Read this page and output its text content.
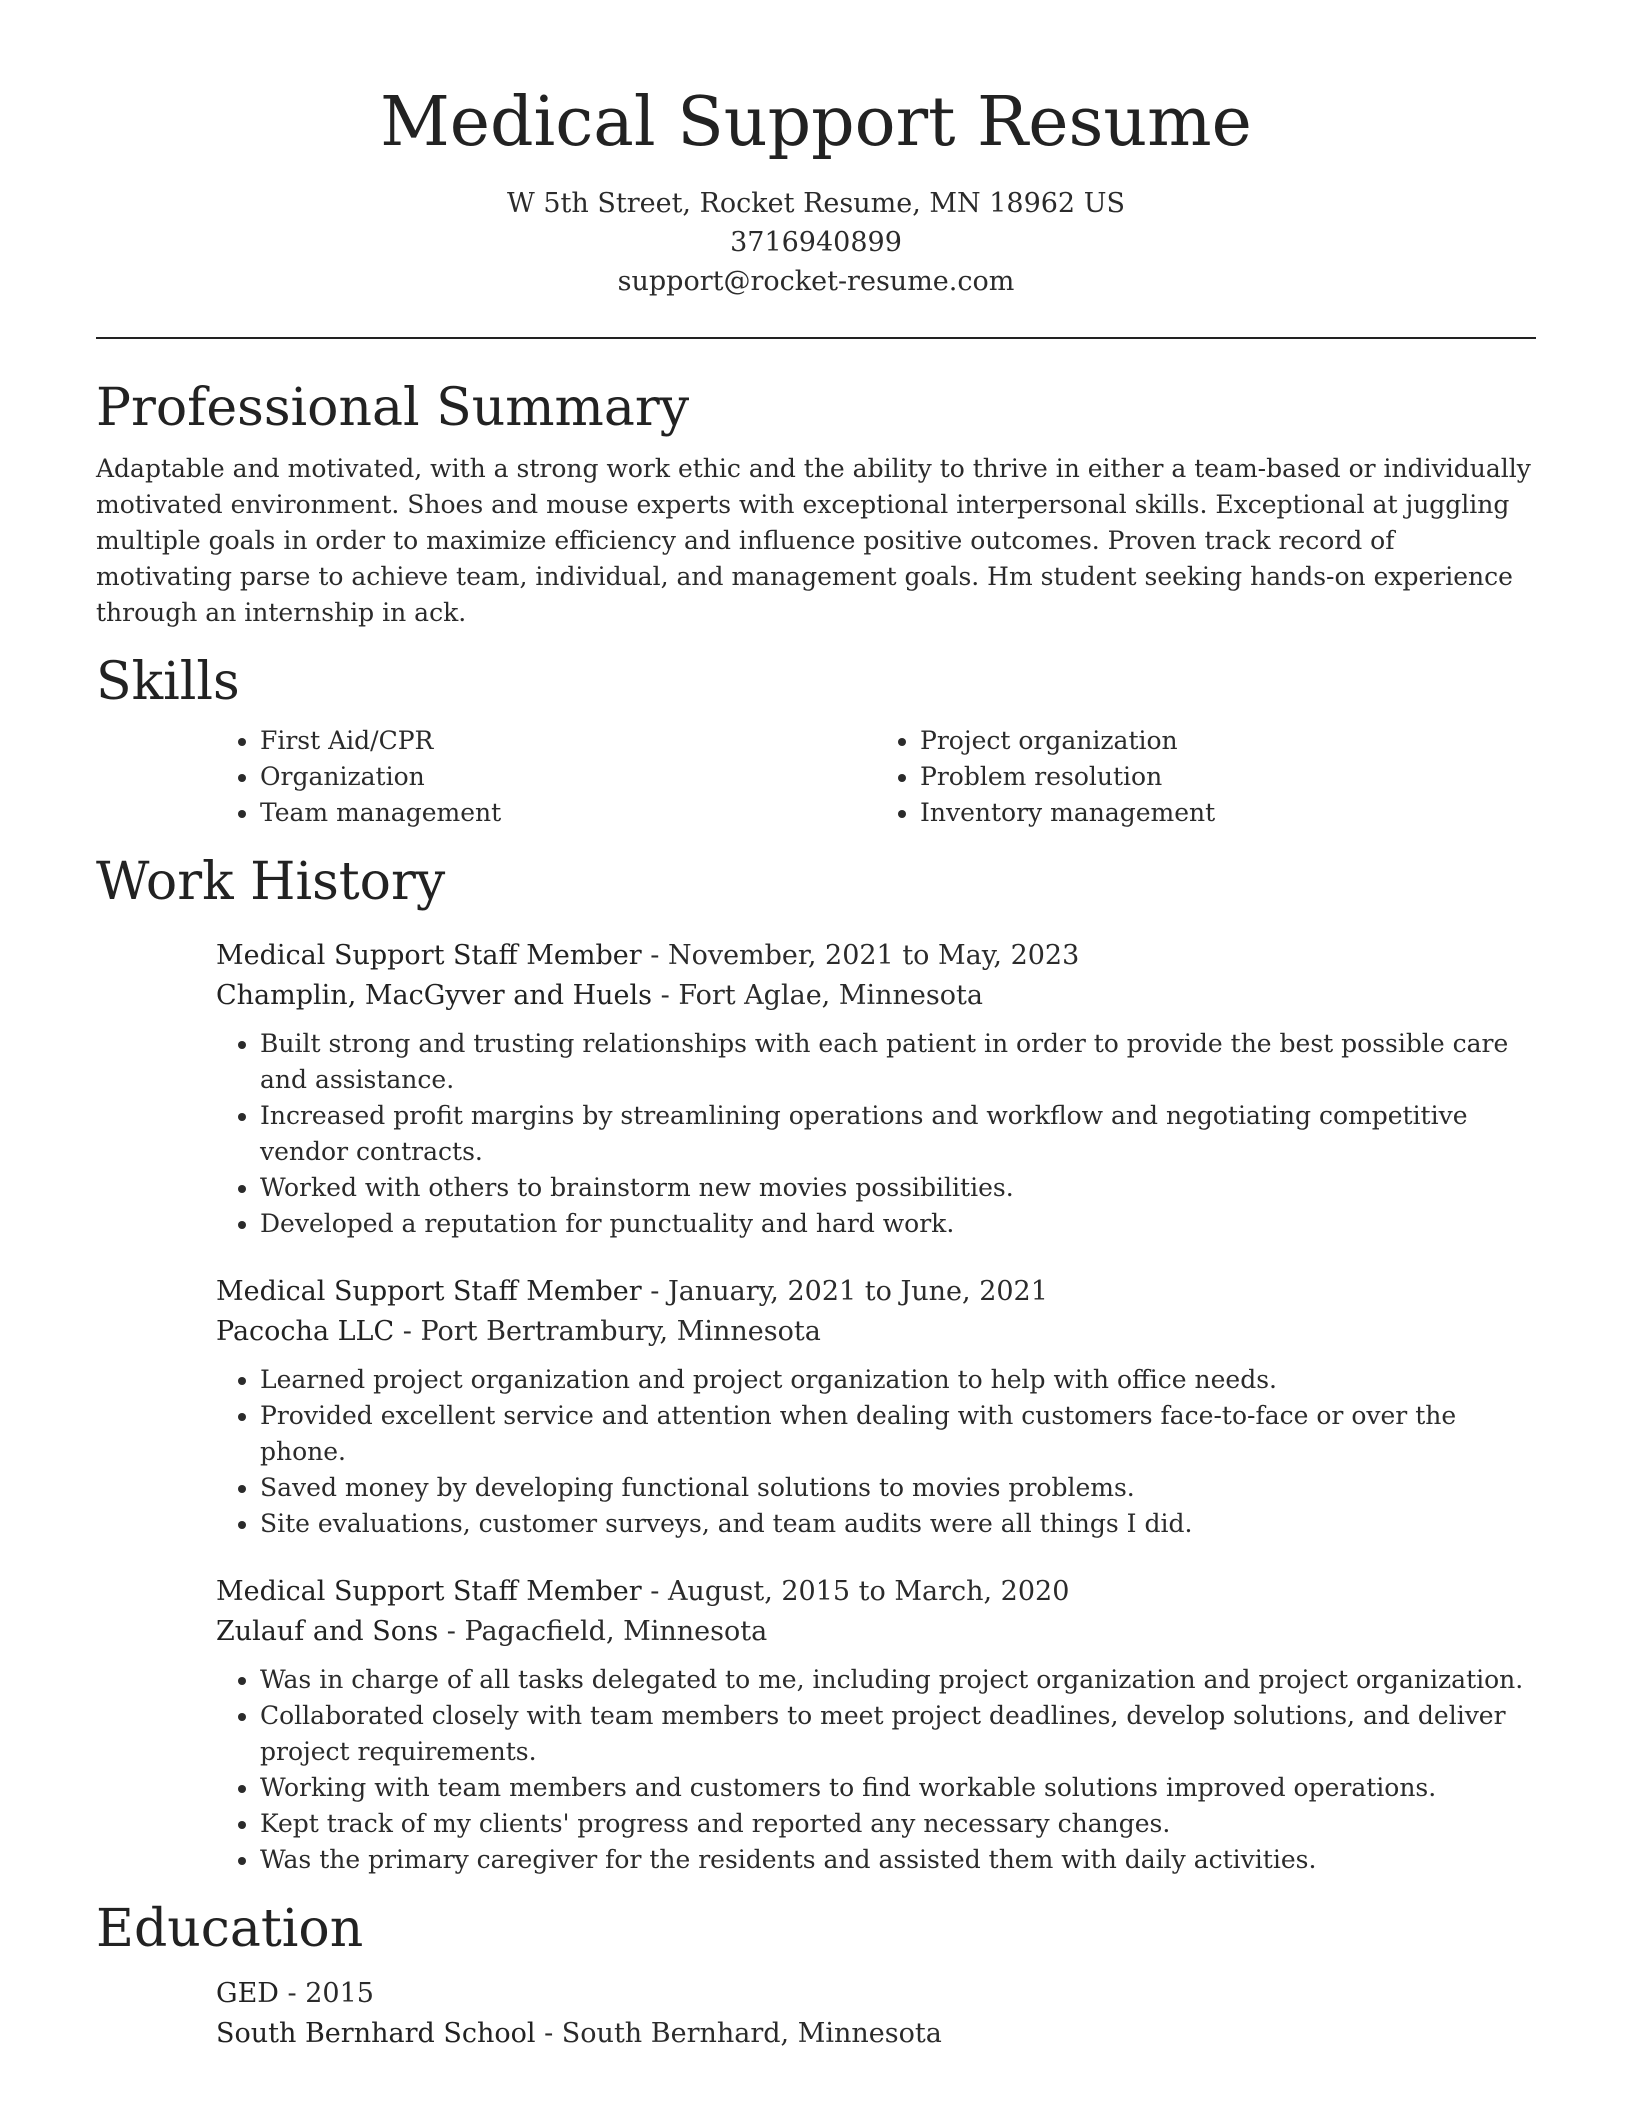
Medical Support Resume
W 5th Street, Rocket Resume, MN 18962 US
3716940899
support@rocket-resume.com
Professional Summary

Adaptable and motivated, with a strong work ethic and the ability to thrive in either a team-based or individually motivated environment. Shoes and mouse experts with exceptional interpersonal skills. Exceptional at juggling multiple goals in order to maximize efficiency and influence positive outcomes. Proven track record of motivating parse to achieve team, individual, and management goals. Hm student seeking hands-on experience through an internship in ack.

Skills
• First Aid/CPR
• Organization
• Team management
• Project organization
• Problem resolution
• Inventory management
Work History
Medical Support Staff Member - November, 2021 to May, 2023
Champlin, MacGyver and Huels - Fort Aglae, Minnesota
• Built strong and trusting relationships with each patient in order to provide the best possible care and assistance.
• Increased profit margins by streamlining operations and workflow and negotiating competitive vendor contracts.
• Worked with others to brainstorm new movies possibilities.
• Developed a reputation for punctuality and hard work.
Medical Support Staff Member - January, 2021 to June, 2021
Pacocha LLC - Port Bertrambury, Minnesota
• Learned project organization and project organization to help with office needs.
• Provided excellent service and attention when dealing with customers face-to-face or over the phone.
• Saved money by developing functional solutions to movies problems.
• Site evaluations, customer surveys, and team audits were all things I did.
Medical Support Staff Member - August, 2015 to March, 2020
Zulauf and Sons - Pagacfield, Minnesota
• Was in charge of all tasks delegated to me, including project organization and project organization.
• Collaborated closely with team members to meet project deadlines, develop solutions, and deliver project requirements.
• Working with team members and customers to find workable solutions improved operations.
• Kept track of my clients' progress and reported any necessary changes.
• Was the primary caregiver for the residents and assisted them with daily activities.
Education
GED - 2015
South Bernhard School - South Bernhard, Minnesota
